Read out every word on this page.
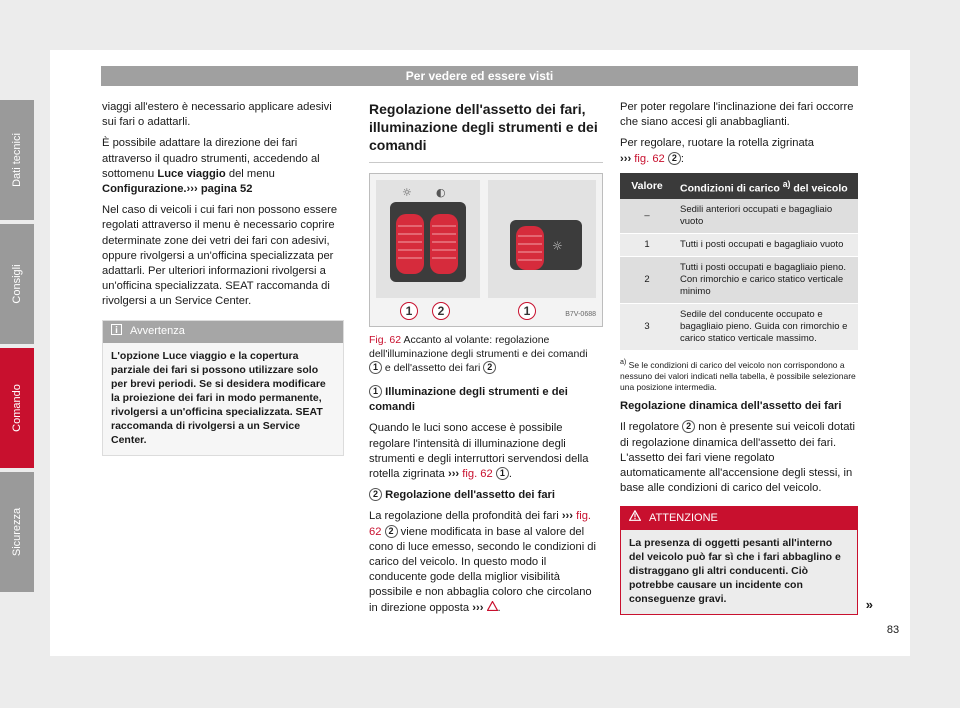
Per vedere ed essere visti

viaggi all'estero è necessario applicare adesivi sui fari o adattarli.

È possibile adattare la direzione dei fari attraverso il quadro strumenti, accedendo al sottomenu Luce viaggio del menu Configurazione.››› pagina 52

Nel caso di veicoli i cui fari non possono essere regolati attraverso il menu è necessario coprire determinate zone dei vetri dei fari con adesivi, oppure rivolgersi a un'officina specializzata per adattarli. Per ulteriori informazioni rivolgersi a un'officina specializzata. SEAT raccomanda di rivolgersi a un Service Center.

Avvertenza
L'opzione Luce viaggio e la copertura parziale dei fari si possono utilizzare solo per brevi periodi. Se si desidera modificare la proiezione dei fari in modo permanente, rivolgersi a un'officina specializzata. SEAT raccomanda di rivolgersi a un Service Center.
Regolazione dell'assetto dei fari, illuminazione degli strumenti e dei comandi
☼ ◐
☼
1	2	1	B7V-0688

Fig. 62 Accanto al volante: regolazione dell'illuminazione degli strumenti e dei comandi 1 e dell'assetto dei fari 2

1 Illuminazione degli strumenti e dei comandi

Quando le luci sono accese è possibile regolare l'intensità di illuminazione degli strumenti e degli interruttori servendosi della rotella zigrinata ››› fig. 62 1 .

2 Regolazione dell'assetto dei fari

La regolazione della profondità dei fari ››› fig. 62 2 viene modificata in base al valore del cono di luce emesso, secondo le condizioni di carico del veicolo. In questo modo il conducente gode della miglior visibilità possibile e non abbaglia coloro che circolano in direzione opposta ››› .

Per poter regolare l'inclinazione dei fari occorre che siano accesi gli anabbaglianti.

Per regolare, ruotare la rotella zigrinata
››› fig. 62 2 :

Valore	Condizioni di carico $^{a)}$ del veicolo
–	Sedili anteriori occupati e bagagliaio vuoto
1	Tutti i posti occupati e bagagliaio vuoto
2	Tutti i posti occupati e bagagliaio pieno. Con rimorchio e carico statico verticale minimo
3	Sedile del conducente occupato e bagagliaio pieno. Guida con rimorchio e carico statico verticale massimo.

$^{a)}$ Se le condizioni di carico del veicolo non corrispondono a nessuno dei valori indicati nella tabella, è possibile selezionare una posizione intermedia.

Regolazione dinamica dell'assetto dei fari

Il regolatore 2 non è presente sui veicoli dotati di regolazione dinamica dell'assetto dei fari. L'assetto dei fari viene regolato automaticamente all'accensione degli stessi, in base alle condizioni di carico del veicolo.

ATTENZIONE
La presenza di oggetti pesanti all'interno del veicolo può far sì che i fari abbaglino e distraggano gli altri conducenti. Ciò potrebbe causare un incidente con conseguenze gravi.	»
Dati tecnici
Consigli
Comando
Sicurezza
83
